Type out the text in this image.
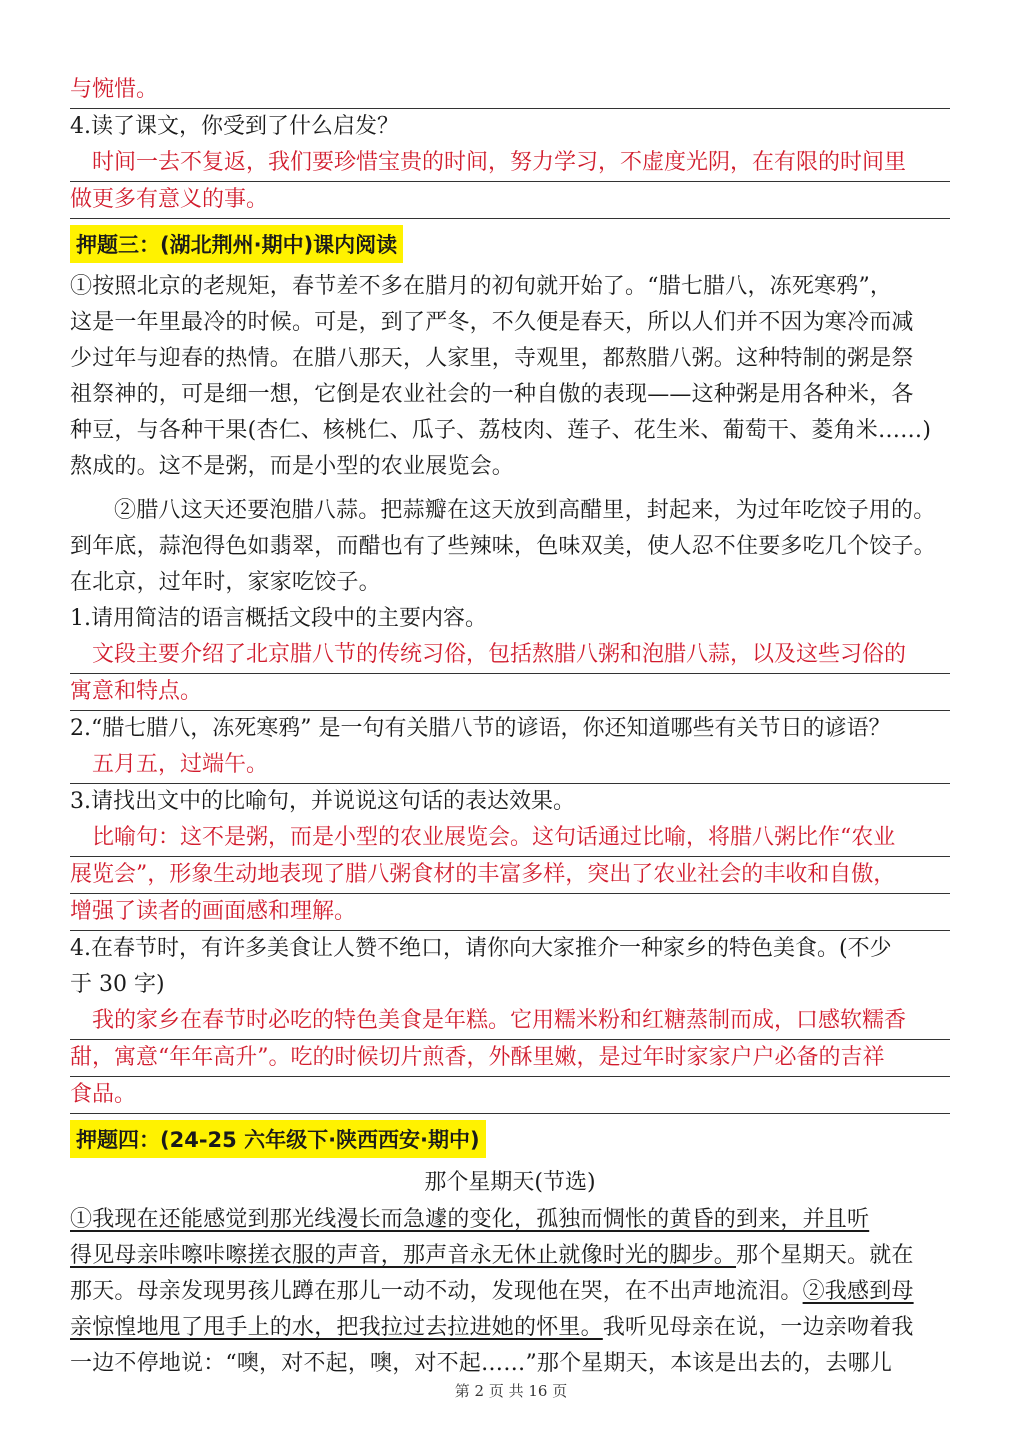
与惋惜。
4.读了课文，你受到了什么启发？
时间一去不复返，我们要珍惜宝贵的时间，努力学习，不虚度光阴，在有限的时间里
做更多有意义的事。
押题三：(湖北荆州·期中)课内阅读
①按照北京的老规矩，春节差不多在腊月的初旬就开始了。“腊七腊八，冻死寒鸦”，
这是一年里最冷的时候。可是，到了严冬，不久便是春天，所以人们并不因为寒冷而减
少过年与迎春的热情。在腊八那天，人家里，寺观里，都熬腊八粥。这种特制的粥是祭
祖祭神的，可是细一想，它倒是农业社会的一种自傲的表现——这种粥是用各种米，各
种豆，与各种干果(杏仁、核桃仁、瓜子、荔枝肉、莲子、花生米、葡萄干、菱角米……)
熬成的。这不是粥，而是小型的农业展览会。
②腊八这天还要泡腊八蒜。把蒜瓣在这天放到高醋里，封起来，为过年吃饺子用的。
到年底，蒜泡得色如翡翠，而醋也有了些辣味，色味双美，使人忍不住要多吃几个饺子。
在北京，过年时，家家吃饺子。
1.请用简洁的语言概括文段中的主要内容。
文段主要介绍了北京腊八节的传统习俗，包括熬腊八粥和泡腊八蒜，以及这些习俗的
寓意和特点。
2.“腊七腊八，冻死寒鸦” 是一句有关腊八节的谚语，你还知道哪些有关节日的谚语？
五月五，过端午。
3.请找出文中的比喻句，并说说这句话的表达效果。
比喻句：这不是粥，而是小型的农业展览会。这句话通过比喻，将腊八粥比作“农业
展览会”，形象生动地表现了腊八粥食材的丰富多样，突出了农业社会的丰收和自傲，
增强了读者的画面感和理解。
4.在春节时，有许多美食让人赞不绝口，请你向大家推介一种家乡的特色美食。(不少
于 30 字)
我的家乡在春节时必吃的特色美食是年糕。它用糯米粉和红糖蒸制而成，口感软糯香
甜，寓意“年年高升”。吃的时候切片煎香，外酥里嫩，是过年时家家户户必备的吉祥
食品。
押题四：(24-25 六年级下·陕西西安·期中)
那个星期天(节选)
①我现在还能感觉到那光线漫长而急遽的变化，孤独而惆怅的黄昏的到来，并且听
得见母亲咔嚓咔嚓搓衣服的声音，那声音永无休止就像时光的脚步。那个星期天。就在
那天。母亲发现男孩儿蹲在那儿一动不动，发现他在哭，在不出声地流泪。②我感到母
亲惊惶地甩了甩手上的水，把我拉过去拉进她的怀里。我听见母亲在说，一边亲吻着我
一边不停地说：“噢，对不起，噢，对不起……”那个星期天，本该是出去的，去哪儿
第 2 页 共 16 页
